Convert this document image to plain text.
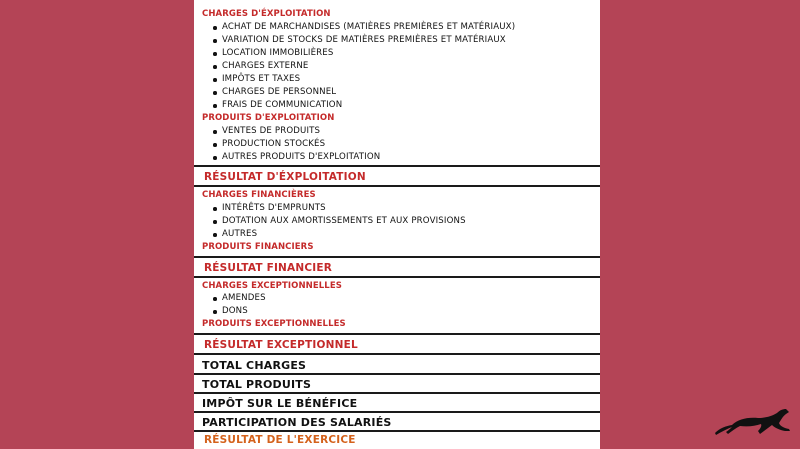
CHARGES D'ÉXPLOITATION
ACHAT DE MARCHANDISES (MATIÈRES PREMIÈRES ET MATÉRIAUX)
VARIATION DE STOCKS DE MATIÈRES PREMIÈRES ET MATÉRIAUX
LOCATION IMMOBILIÈRES
CHARGES EXTERNE
IMPÔTS ET TAXES
CHARGES DE PERSONNEL
FRAIS DE COMMUNICATION
PRODUITS D'EXPLOITATION
VENTES DE PRODUITS
PRODUCTION STOCKÉS
AUTRES PRODUITS D'EXPLOITATION
RÉSULTAT D'ÉXPLOITATION
CHARGES FINANCIÈRES
INTÉRÊTS D'EMPRUNTS
DOTATION AUX AMORTISSEMENTS ET AUX PROVISIONS
AUTRES
PRODUITS FINANCIERS
RÉSULTAT FINANCIER
CHARGES EXCEPTIONNELLES
AMENDES
DONS
PRODUITS EXCEPTIONNELLES
RÉSULTAT EXCEPTIONNEL
TOTAL CHARGES
TOTAL PRODUITS
IMPÔT SUR LE BÉNÉFICE
PARTICIPATION DES SALARIÉS
RÉSULTAT DE L'EXERCICE
